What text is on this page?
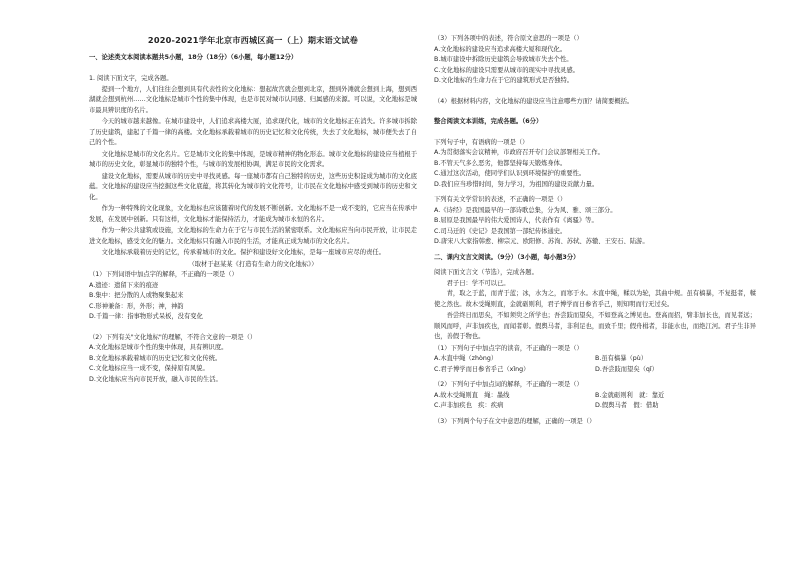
2020-2021学年北京市西城区高一（上）期末语文试卷
一、论述类文本阅读本题共5小题，18分（18分）（6小题，每小题12分）
1. 阅读下面文字，完成各题。
提到一个地方，人们往往会想到具有代表性的文化地标：想起故宫就会想到北京，想到外滩就会想到上海，想到西湖就会想到杭州……文化地标是城市个性的集中体现，也是市民对城市认同感、归属感的来源。可以说，文化地标是城市最具辨识度的名片。
今天的城市越来越像。在城市建设中，人们追求高楼大厦，追求现代化，城市的文化地标正在消失。许多城市拆除了历史建筑，建起了千篇一律的高楼。文化地标承载着城市的历史记忆和文化传统，失去了文化地标，城市便失去了自己的个性。
文化地标是城市的文化名片。它是城市文化的集中体现，是城市精神的物化形态。城市文化地标的建设应当植根于城市的历史文化，彰显城市的独特个性，与城市的发展相协调，满足市民的文化需求。
建设文化地标，需要从城市的历史中寻找灵感。每一座城市都有自己独特的历史，这些历史积淀成为城市的文化底蕴。文化地标的建设应当挖掘这些文化底蕴，将其转化为城市的文化符号，让市民在文化地标中感受到城市的历史和文化。
作为一种特殊的文化现象，文化地标也应该随着时代的发展不断创新。文化地标不是一成不变的，它应当在传承中发展，在发展中创新。只有这样，文化地标才能保持活力，才能成为城市永恒的名片。
作为一种公共建筑或设施，文化地标的生命力在于它与市民生活的紧密联系。文化地标应当向市民开放，让市民走进文化地标，感受文化的魅力。文化地标只有融入市民的生活，才能真正成为城市的文化名片。
文化地标承载着历史的记忆，传承着城市的文化。保护和建设好文化地标，是每一座城市应尽的责任。
（取材于赵某某《打造有生命力的文化地标》）
（1）下列词语中加点字的解释，不正确的一项是（）
A.遗迹：遗留下来的痕迹
B.集中：把分散的人或物聚集起来
C.形神兼备：形，外形；神，神韵
D.千篇一律：指事物形式呆板，没有变化
（2）下列有关"文化地标"的理解，不符合文意的一项是（）
A.文化地标是城市个性的集中体现，具有辨识度。
B.文化地标承载着城市的历史记忆和文化传统。
C.文化地标应当一成不变，保持原有风貌。
D.文化地标应当向市民开放，融入市民的生活。
（3）下列各项中的表述，符合原文意思的一项是（）
A.文化地标的建设应当追求高楼大厦和现代化。
B.城市建设中拆除历史建筑会导致城市失去个性。
C.文化地标的建设只需要从城市的现实中寻找灵感。
D.文化地标的生命力在于它的建筑形式是否独特。
（4）根据材料内容，文化地标的建设应当注意哪些方面？请简要概括。
整合阅读文本训练，完成各题。（6分）
下列句子中，有语病的一项是（）
A.为贯彻落实会议精神，市政府召开专门会议部署相关工作。
B.不管天气多么恶劣，他都坚持每天锻炼身体。
C.通过这次活动，使同学们认识到环境保护的重要性。
D.我们应当珍惜时间，努力学习，为祖国的建设贡献力量。
下列有关文学常识的表述，不正确的一项是（）
A.《诗经》是我国最早的一部诗歌总集，分为风、雅、颂三部分。
B.屈原是我国最早的伟大爱国诗人，代表作有《离骚》等。
C.司马迁的《史记》是我国第一部纪传体通史。
D.唐宋八大家指韩愈、柳宗元、欧阳修、苏洵、苏轼、苏辙、王安石、陆游。
二、课内文言文阅读。（9分）（3小题，每小题3分）
阅读下面文言文（节选），完成各题。
君子曰：学不可以已。
青，取之于蓝，而青于蓝；冰，水为之，而寒于水。木直中绳，輮以为轮，其曲中规。虽有槁暴，不复挺者，輮使之然也。故木受绳则直，金就砺则利，君子博学而日参省乎己，则知明而行无过矣。
吾尝终日而思矣，不如须臾之所学也；吾尝跂而望矣，不如登高之博见也。登高而招，臂非加长也，而见者远；顺风而呼，声非加疾也，而闻者彰。假舆马者，非利足也，而致千里；假舟楫者，非能水也，而绝江河。君子生非异也，善假于物也。
（1）下列句子中加点字的读音，不正确的一项是（）
A.木直中绳（zhòng）	B.虽有槁暴（pù）
C.君子博学而日参省乎己（xǐng）	D.吾尝跂而望矣（qǐ）
（2）下列句子中加点词的解释，不正确的一项是（）
A.故木受绳则直　绳：墨线	B.金就砺则利　就：靠近
C.声非加疾也　疾：疾病	D.假舆马者　假：借助
（3）下列两个句子在文中意思的理解，正确的一项是（）
